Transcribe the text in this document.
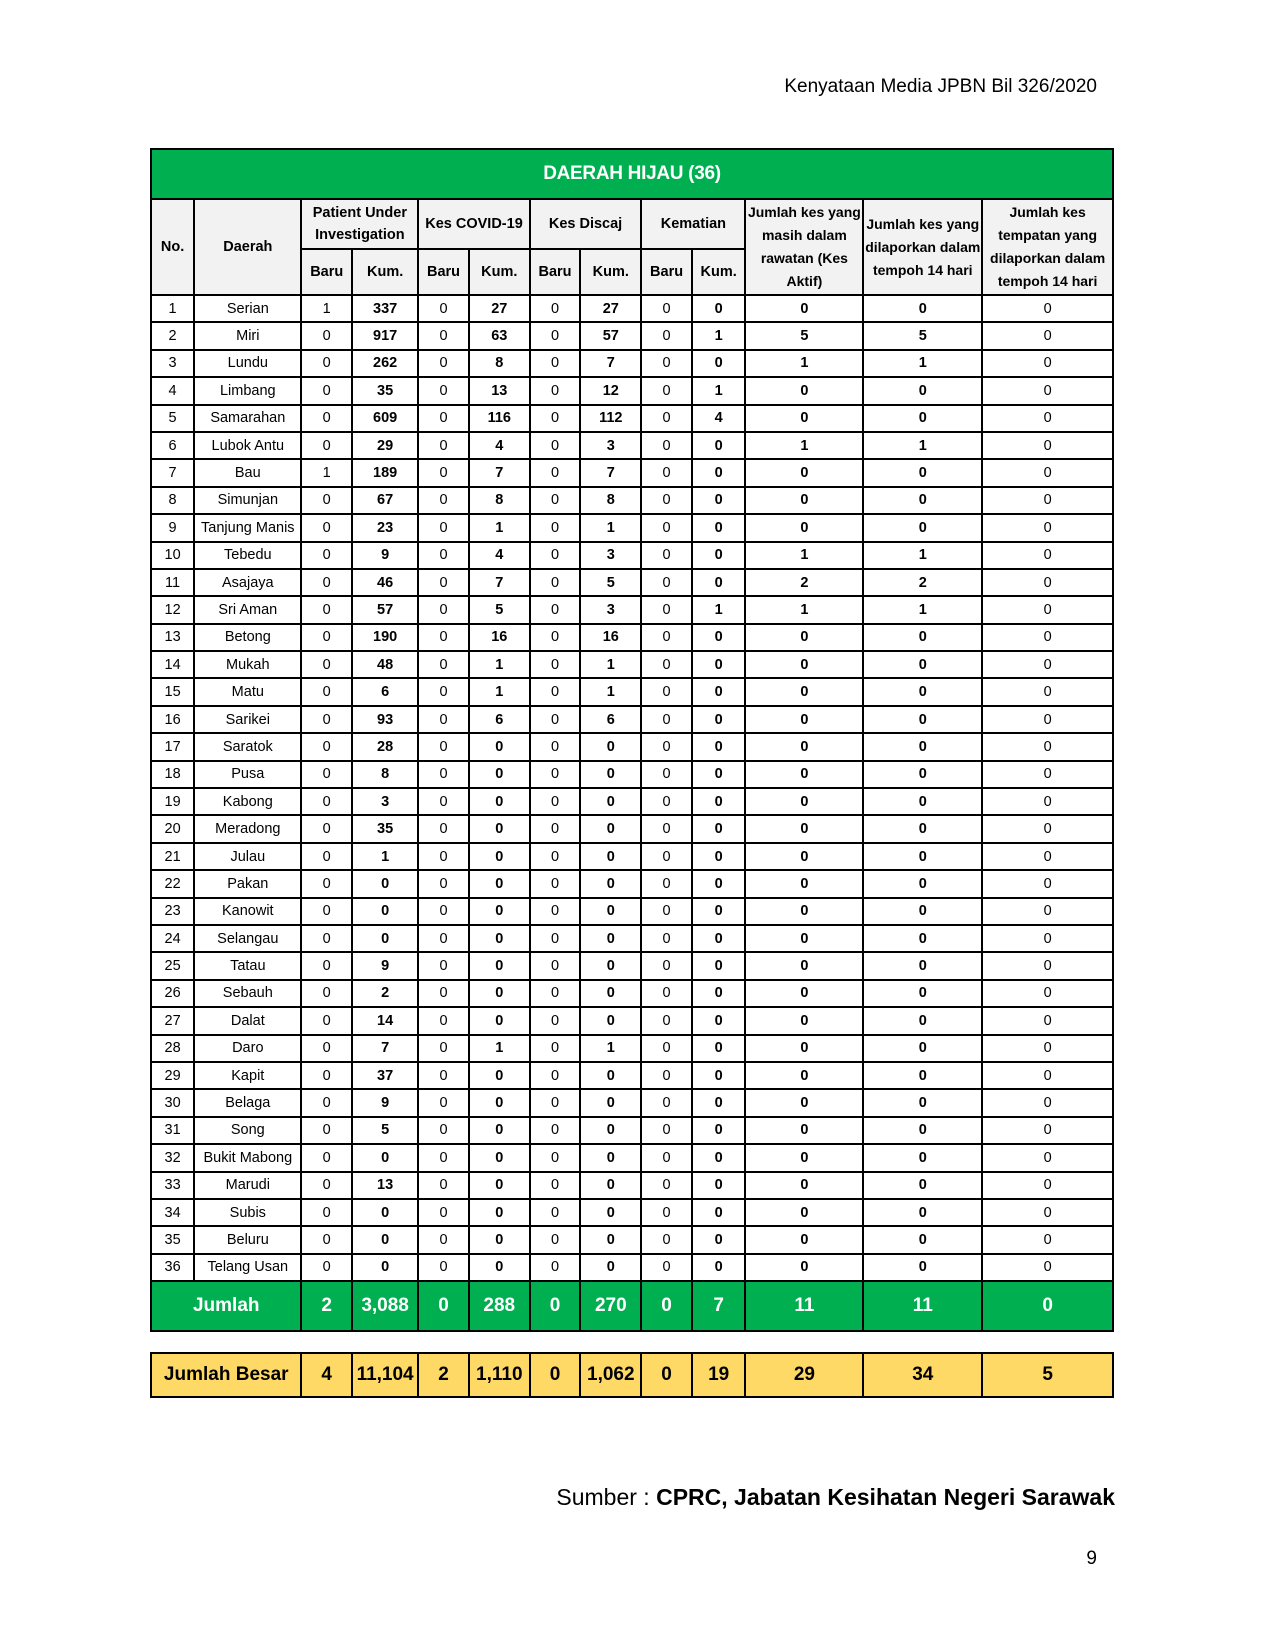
Kenyataan Media JPBN Bil 326/2020
DAERAH HIJAU (36)												
No.	Daerah	Patient Under Investigation		Kes COVID-19		Kes Discaj		Kematian		Jumlah kes yang masih dalam rawatan (Kes Aktif)	Jumlah kes yang dilaporkan dalam tempoh 14 hari	Jumlah kes tempatan yang dilaporkan dalam tempoh 14 hari
		Baru	Kum.	Baru	Kum.	Baru	Kum.	Baru	Kum.			
1	Serian	1	337	0	27	0	27	0	0	0	0	0
2	Miri	0	917	0	63	0	57	0	1	5	5	0
3	Lundu	0	262	0	8	0	7	0	0	1	1	0
4	Limbang	0	35	0	13	0	12	0	1	0	0	0
5	Samarahan	0	609	0	116	0	112	0	4	0	0	0
6	Lubok Antu	0	29	0	4	0	3	0	0	1	1	0
7	Bau	1	189	0	7	0	7	0	0	0	0	0
8	Simunjan	0	67	0	8	0	8	0	0	0	0	0
9	Tanjung Manis	0	23	0	1	0	1	0	0	0	0	0
10	Tebedu	0	9	0	4	0	3	0	0	1	1	0
11	Asajaya	0	46	0	7	0	5	0	0	2	2	0
12	Sri Aman	0	57	0	5	0	3	0	1	1	1	0
13	Betong	0	190	0	16	0	16	0	0	0	0	0
14	Mukah	0	48	0	1	0	1	0	0	0	0	0
15	Matu	0	6	0	1	0	1	0	0	0	0	0
16	Sarikei	0	93	0	6	0	6	0	0	0	0	0
17	Saratok	0	28	0	0	0	0	0	0	0	0	0
18	Pusa	0	8	0	0	0	0	0	0	0	0	0
19	Kabong	0	3	0	0	0	0	0	0	0	0	0
20	Meradong	0	35	0	0	0	0	0	0	0	0	0
21	Julau	0	1	0	0	0	0	0	0	0	0	0
22	Pakan	0	0	0	0	0	0	0	0	0	0	0
23	Kanowit	0	0	0	0	0	0	0	0	0	0	0
24	Selangau	0	0	0	0	0	0	0	0	0	0	0
25	Tatau	0	9	0	0	0	0	0	0	0	0	0
26	Sebauh	0	2	0	0	0	0	0	0	0	0	0
27	Dalat	0	14	0	0	0	0	0	0	0	0	0
28	Daro	0	7	0	1	0	1	0	0	0	0	0
29	Kapit	0	37	0	0	0	0	0	0	0	0	0
30	Belaga	0	9	0	0	0	0	0	0	0	0	0
31	Song	0	5	0	0	0	0	0	0	0	0	0
32	Bukit Mabong	0	0	0	0	0	0	0	0	0	0	0
33	Marudi	0	13	0	0	0	0	0	0	0	0	0
34	Subis	0	0	0	0	0	0	0	0	0	0	0
35	Beluru	0	0	0	0	0	0	0	0	0	0	0
36	Telang Usan	0	0	0	0	0	0	0	0	0	0	0
Jumlah		2	3,088	0	288	0	270	0	7	11	11	0

Jumlah Besar		4	11,104	2	1,110	0	1,062	0	19	29	34	5
Sumber : CPRC, Jabatan Kesihatan Negeri Sarawak
9
